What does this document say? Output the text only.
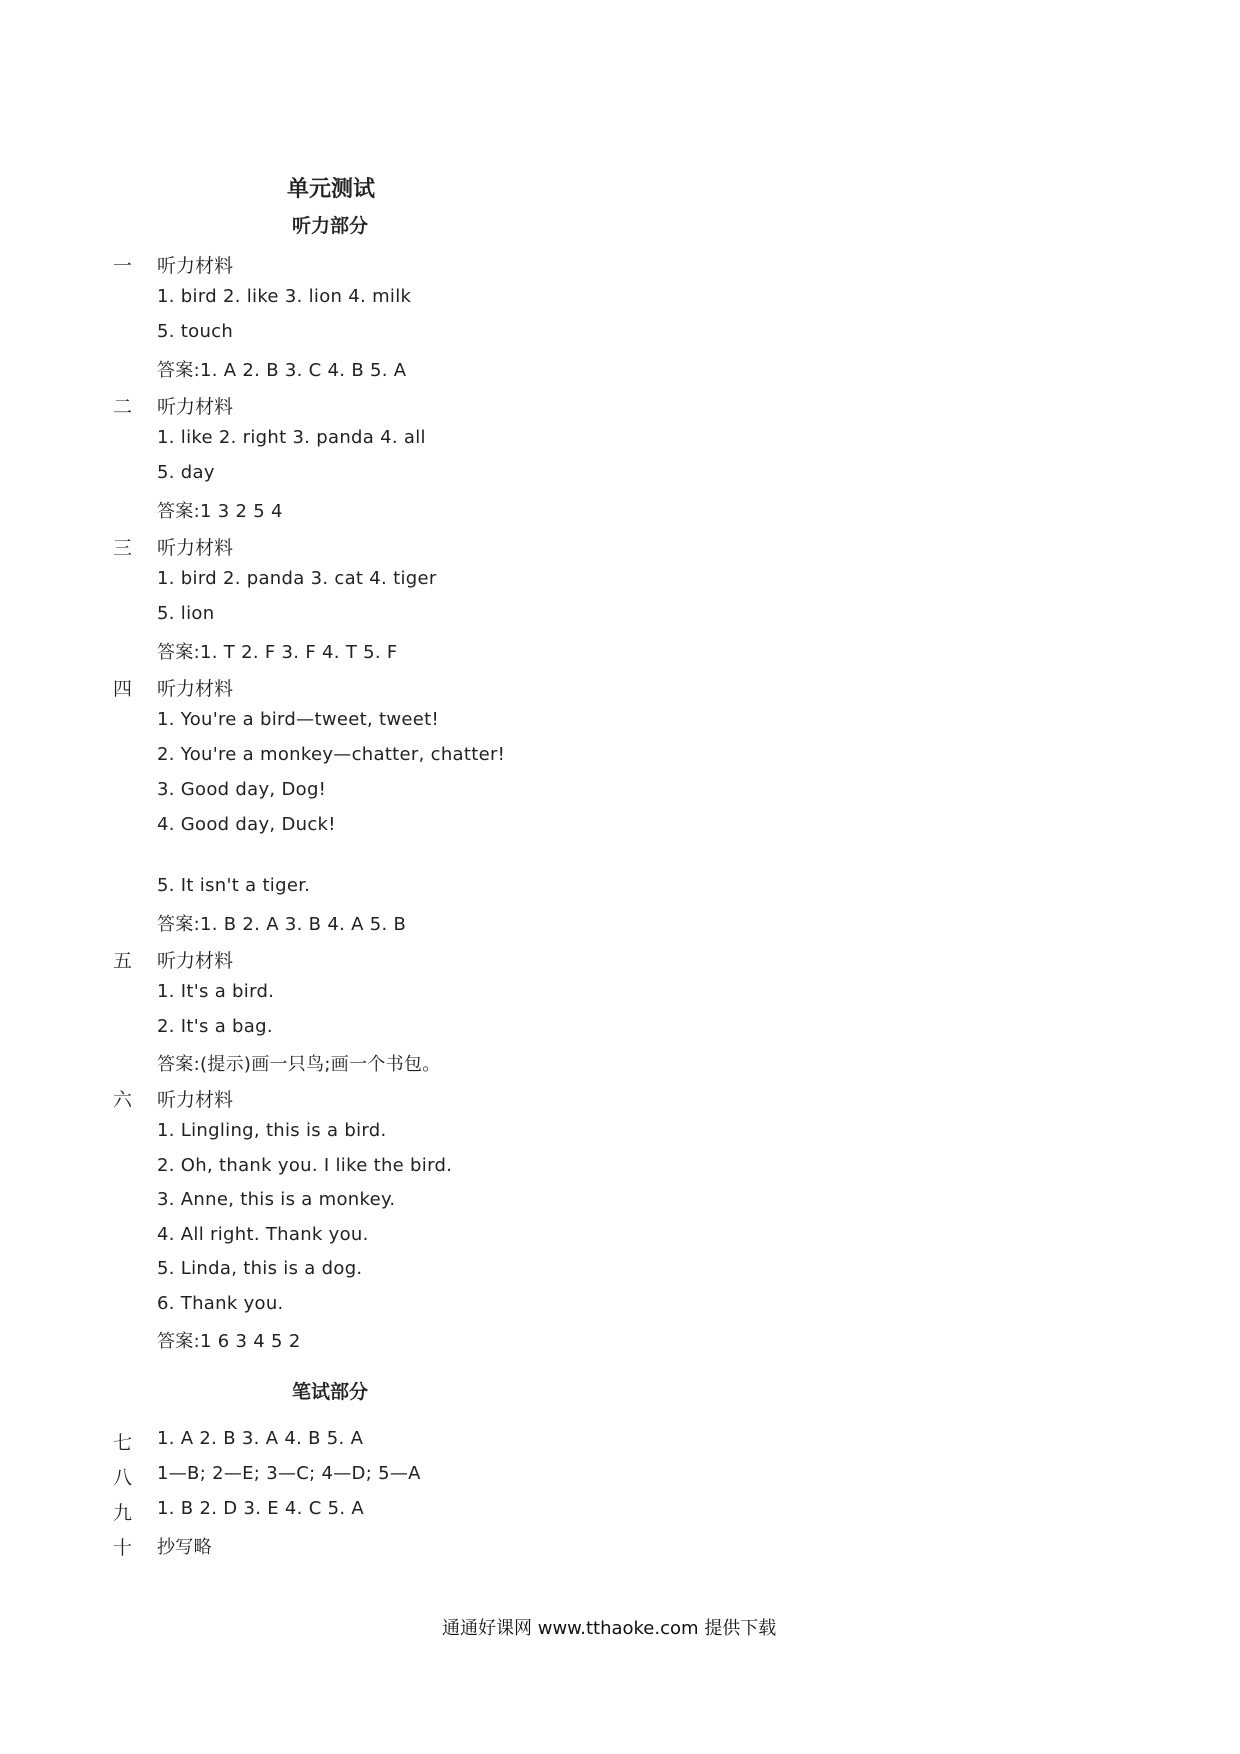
单元测试
听力部分
一 听力材料
1. bird 2. like 3. lion 4. milk
5. touch
答案:1. A 2. B 3. C 4. B 5. A
二 听力材料
1. like 2. right 3. panda 4. all
5. day
答案:1 3 2 5 4
三 听力材料
1. bird 2. panda 3. cat 4. tiger
5. lion
答案:1. T 2. F 3. F 4. T 5. F
四 听力材料
1. You're a bird—tweet, tweet!
2. You're a monkey—chatter, chatter!
3. Good day, Dog!
4. Good day, Duck!
5. It isn't a tiger.
答案:1. B 2. A 3. B 4. A 5. B
五 听力材料
1. It's a bird.
2. It's a bag.
答案:(提示)画一只鸟;画一个书包。
六 听力材料
1. Lingling, this is a bird.
2. Oh, thank you. I like the bird.
3. Anne, this is a monkey.
4. All right. Thank you.
5. Linda, this is a dog.
6. Thank you.
答案:1 6 3 4 5 2
笔试部分
七 1. A 2. B 3. A 4. B 5. A
八 1—B; 2—E; 3—C; 4—D; 5—A
九 1. B 2. D 3. E 4. C 5. A
十 抄写略
通通好课网 www.tthaoke.com 提供下载
